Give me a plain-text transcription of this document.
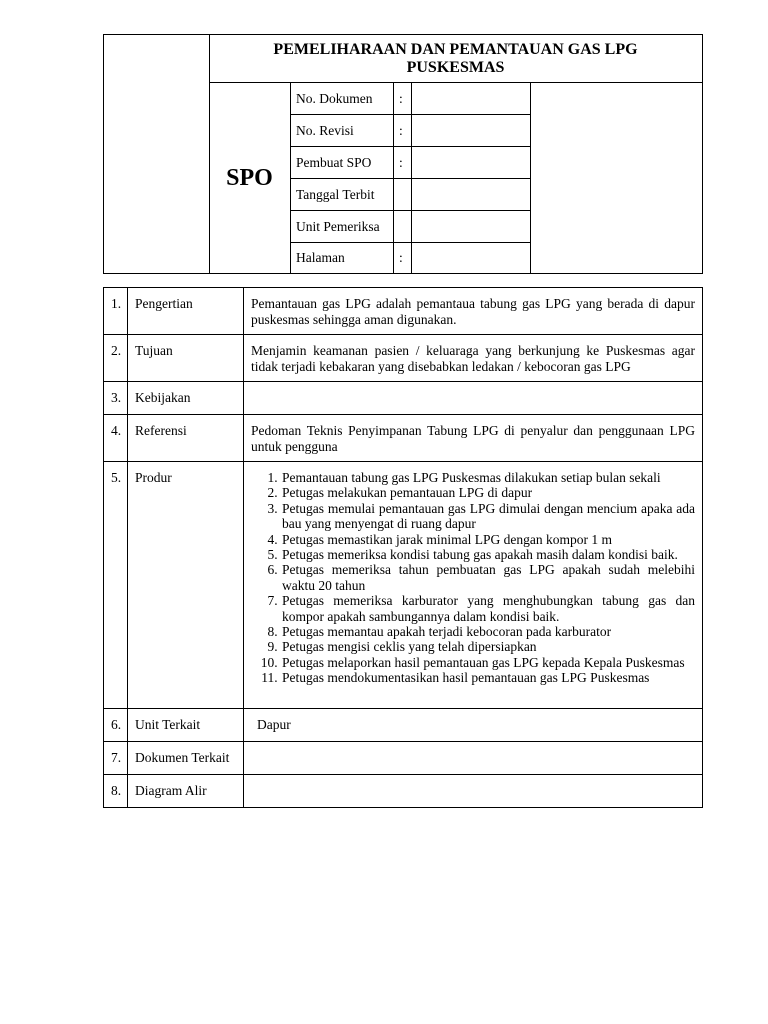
PEMELIHARAAN DAN PEMANTAUAN GAS LPG PUSKESMAS
SPO
No. Dokumen	:
No. Revisi	:
Pembuat SPO	:
Tanggal Terbit
Unit Pemeriksa
Halaman	:
1.	Pengertian	Pemantauan gas LPG adalah pemantaua tabung gas LPG yang berada di dapur puskesmas sehingga aman digunakan.
2.	Tujuan	Menjamin keamanan pasien / keluaraga yang berkunjung ke Puskesmas agar tidak terjadi kebakaran yang disebabkan ledakan / kebocoran gas LPG
3.	Kebijakan
4.	Referensi	Pedoman Teknis Penyimpanan Tabung LPG di penyalur dan penggunaan LPG untuk pengguna
5.	Produr
1.	Pemantauan tabung gas LPG Puskesmas dilakukan setiap bulan sekali
2. Petugas melakukan pemantauan LPG di dapur
3. Petugas memulai pemantauan gas LPG dimulai dengan mencium apaka ada bau yang menyengat di ruang dapur
4. Petugas memastikan jarak minimal LPG dengan kompor 1 m
5. Petugas memeriksa kondisi tabung gas apakah masih dalam kondisi baik.
6. Petugas memeriksa tahun pembuatan gas LPG apakah sudah melebihi waktu 20 tahun
7. Petugas memeriksa karburator yang menghubungkan tabung gas dan kompor apakah sambungannya dalam kondisi baik.
8. Petugas memantau apakah terjadi kebocoran pada karburator
9. Petugas mengisi ceklis yang telah dipersiapkan
10. Petugas melaporkan hasil pemantauan gas LPG kepada Kepala Puskesmas
11. Petugas mendokumentasikan hasil pemantauan gas LPG Puskesmas
6.	Unit Terkait	Dapur
7.	Dokumen Terkait
8.	Diagram Alir
